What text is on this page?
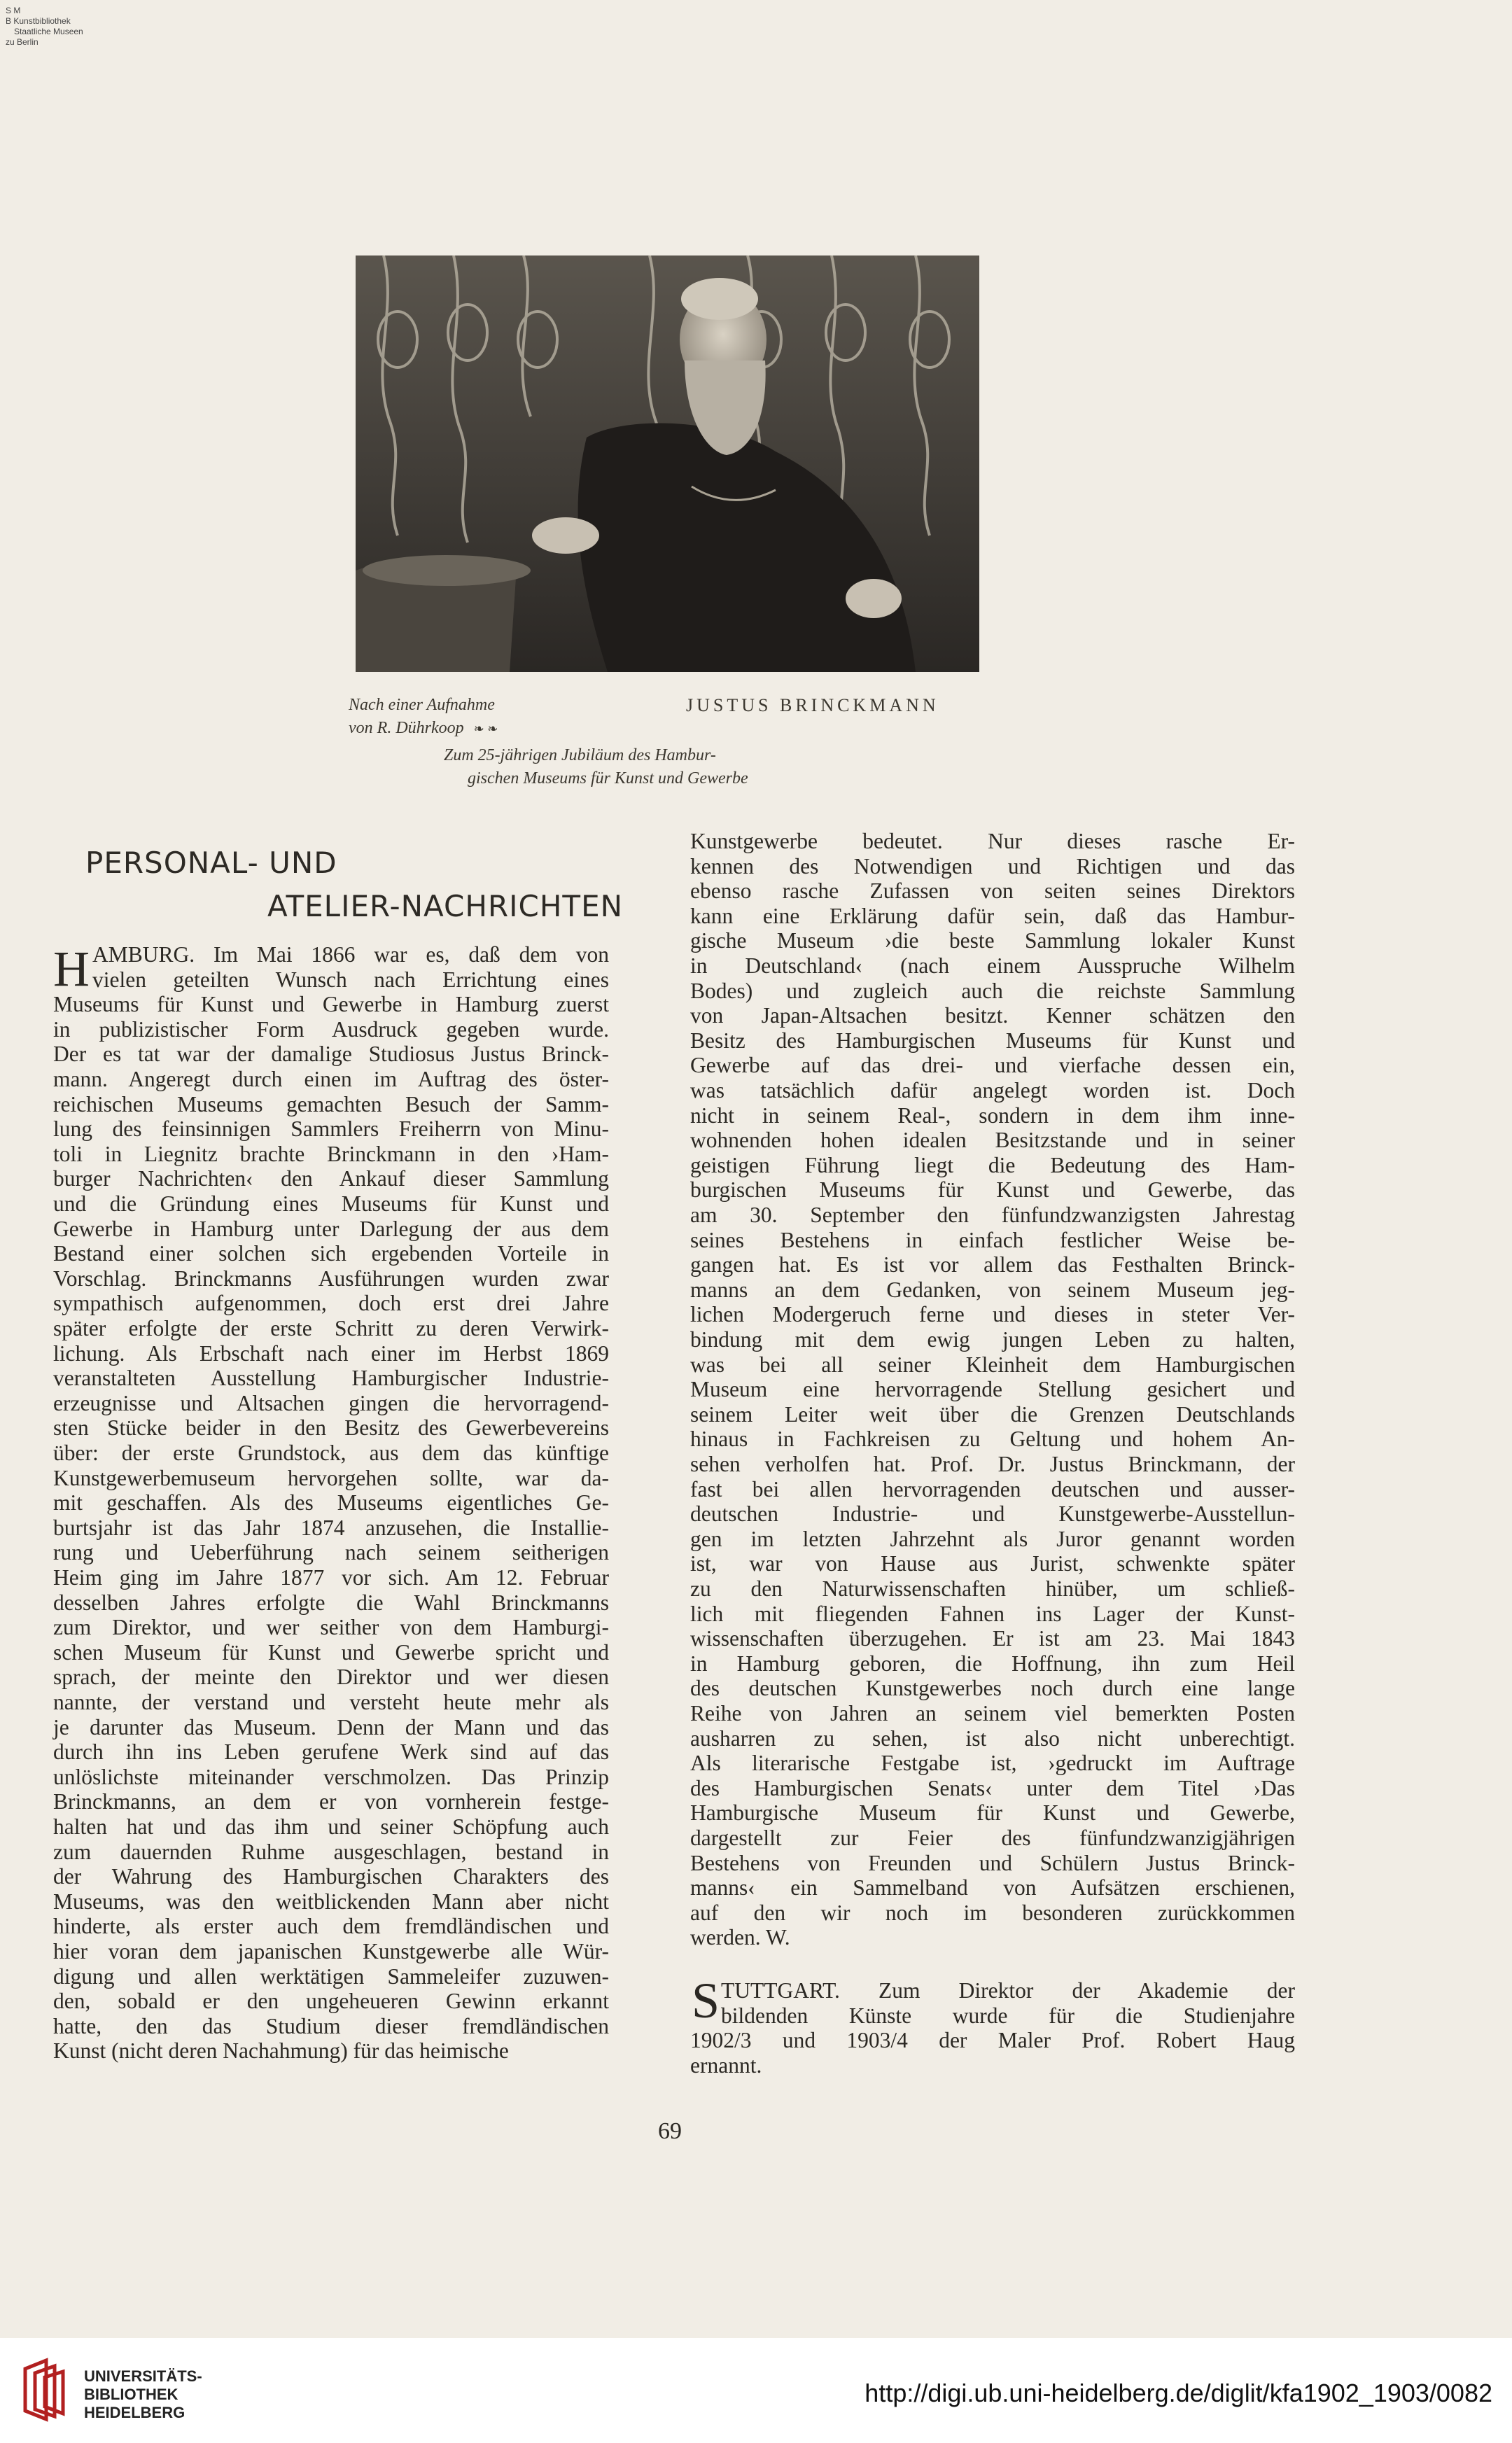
S M
B Kunstbibliothek
Staatliche Museen
zu Berlin
Nach einer Aufnahme
von R. Dührkoop ❧ ❧
JUSTUS BRINCKMANN
Zum 25-jährigen Jubiläum des Hambur-
gischen Museums für Kunst und Gewerbe
PERSONAL- UND
ATELIER-NACHRICHTEN
H AMBURG. Im Mai 1866 war es, daß dem von
vielen geteilten Wunsch nach Errichtung eines
Museums für Kunst und Gewerbe in Hamburg zuerst
in publizistischer Form Ausdruck gegeben wurde.
Der es tat war der damalige Studiosus Justus Brinck-
mann. Angeregt durch einen im Auftrag des öster-
reichischen Museums gemachten Besuch der Samm-
lung des feinsinnigen Sammlers Freiherrn von Minu-
toli in Liegnitz brachte Brinckmann in den ›Ham-
burger Nachrichten‹ den Ankauf dieser Sammlung
und die Gründung eines Museums für Kunst und
Gewerbe in Hamburg unter Darlegung der aus dem
Bestand einer solchen sich ergebenden Vorteile in
Vorschlag. Brinckmanns Ausführungen wurden zwar
sympathisch aufgenommen, doch erst drei Jahre
später erfolgte der erste Schritt zu deren Verwirk-
lichung. Als Erbschaft nach einer im Herbst 1869
veranstalteten Ausstellung Hamburgischer Industrie-
erzeugnisse und Altsachen gingen die hervorragend-
sten Stücke beider in den Besitz des Gewerbevereins
über: der erste Grundstock, aus dem das künftige
Kunstgewerbemuseum hervorgehen sollte, war da-
mit geschaffen. Als des Museums eigentliches Ge-
burtsjahr ist das Jahr 1874 anzusehen, die Installie-
rung und Ueberführung nach seinem seitherigen
Heim ging im Jahre 1877 vor sich. Am 12. Februar
desselben Jahres erfolgte die Wahl Brinckmanns
zum Direktor, und wer seither von dem Hamburgi-
schen Museum für Kunst und Gewerbe spricht und
sprach, der meinte den Direktor und wer diesen
nannte, der verstand und versteht heute mehr als
je darunter das Museum. Denn der Mann und das
durch ihn ins Leben gerufene Werk sind auf das
unlöslichste miteinander verschmolzen. Das Prinzip
Brinckmanns, an dem er von vornherein festge-
halten hat und das ihm und seiner Schöpfung auch
zum dauernden Ruhme ausgeschlagen, bestand in
der Wahrung des Hamburgischen Charakters des
Museums, was den weitblickenden Mann aber nicht
hinderte, als erster auch dem fremdländischen und
hier voran dem japanischen Kunstgewerbe alle Wür-
digung und allen werktätigen Sammeleifer zuzuwen-
den, sobald er den ungeheueren Gewinn erkannt
hatte, den das Studium dieser fremdländischen
Kunst (nicht deren Nachahmung) für das heimische
Kunstgewerbe bedeutet. Nur dieses rasche Er-
kennen des Notwendigen und Richtigen und das
ebenso rasche Zufassen von seiten seines Direktors
kann eine Erklärung dafür sein, daß das Hambur-
gische Museum ›die beste Sammlung lokaler Kunst
in Deutschland‹ (nach einem Ausspruche Wilhelm
Bodes) und zugleich auch die reichste Sammlung
von Japan-Altsachen besitzt. Kenner schätzen den
Besitz des Hamburgischen Museums für Kunst und
Gewerbe auf das drei- und vierfache dessen ein,
was tatsächlich dafür angelegt worden ist. Doch
nicht in seinem Real-, sondern in dem ihm inne-
wohnenden hohen idealen Besitzstande und in seiner
geistigen Führung liegt die Bedeutung des Ham-
burgischen Museums für Kunst und Gewerbe, das
am 30. September den fünfundzwanzigsten Jahrestag
seines Bestehens in einfach festlicher Weise be-
gangen hat. Es ist vor allem das Festhalten Brinck-
manns an dem Gedanken, von seinem Museum jeg-
lichen Modergeruch ferne und dieses in steter Ver-
bindung mit dem ewig jungen Leben zu halten,
was bei all seiner Kleinheit dem Hamburgischen
Museum eine hervorragende Stellung gesichert und
seinem Leiter weit über die Grenzen Deutschlands
hinaus in Fachkreisen zu Geltung und hohem An-
sehen verholfen hat. Prof. Dr. Justus Brinckmann, der
fast bei allen hervorragenden deutschen und ausser-
deutschen Industrie- und Kunstgewerbe-Ausstellun-
gen im letzten Jahrzehnt als Juror genannt worden
ist, war von Hause aus Jurist, schwenkte später
zu den Naturwissenschaften hinüber, um schließ-
lich mit fliegenden Fahnen ins Lager der Kunst-
wissenschaften überzugehen. Er ist am 23. Mai 1843
in Hamburg geboren, die Hoffnung, ihn zum Heil
des deutschen Kunstgewerbes noch durch eine lange
Reihe von Jahren an seinem viel bemerkten Posten
ausharren zu sehen, ist also nicht unberechtigt.
Als literarische Festgabe ist, ›gedruckt im Auftrage
des Hamburgischen Senats‹ unter dem Titel ›Das
Hamburgische Museum für Kunst und Gewerbe,
dargestellt zur Feier des fünfundzwanzigjährigen
Bestehens von Freunden und Schülern Justus Brinck-
manns‹ ein Sammelband von Aufsätzen erschienen,
auf den wir noch im besonderen zurückkommen
werden. W.
S TUTTGART. Zum Direktor der Akademie der
bildenden Künste wurde für die Studienjahre
1902/3 und 1903/4 der Maler Prof. Robert Haug
ernannt.
69
UNIVERSITÄTS-
BIBLIOTHEK
HEIDELBERG
http://digi.ub.uni-heidelberg.de/diglit/kfa1902_1903/0082
